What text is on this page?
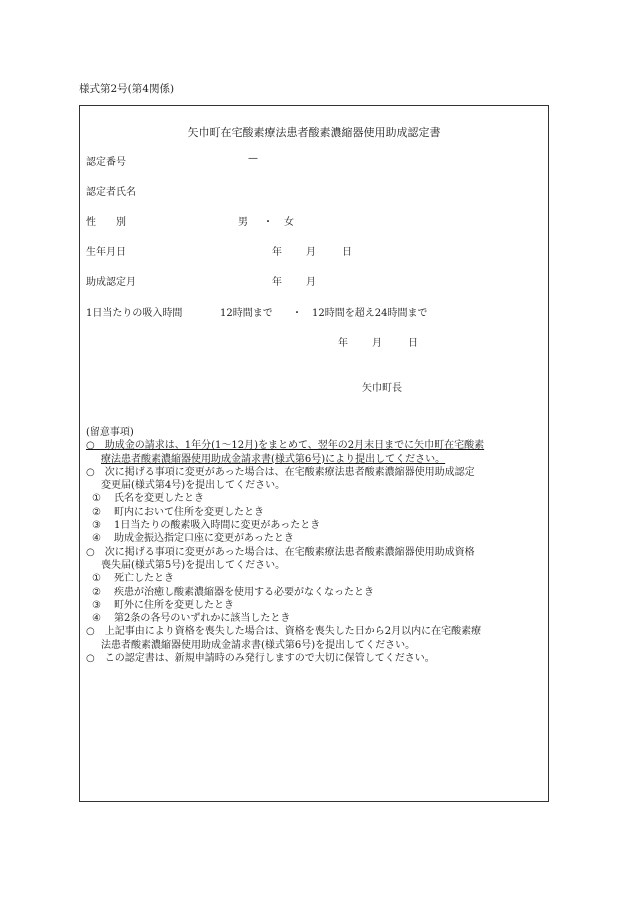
様式第2号(第4関係)
矢巾町在宅酸素療法患者酸素濃縮器使用助成認定書
認定番号	—
認定者氏名
性　　別	男 ・ 女
生年月日	年 月	日
助成認定月	年 月
1日当たりの吸入時間	12時間まで ・ 12時間を超え24時間まで
年 月	日
矢巾町長
(留意事項)
○　助成金の請求は、1年分(1〜12月)をまとめて、翌年の2月末日までに矢巾町在宅酸素
療法患者酸素濃縮器使用助成金請求書(様式第6号)により提出してください。
○　次に掲げる事項に変更があった場合は、在宅酸素療法患者酸素濃縮器使用助成認定
変更届(様式第4号)を提出してください。
① 氏名を変更したとき
② 町内において住所を変更したとき
③ 1日当たりの酸素吸入時間に変更があったとき
④ 助成金振込指定口座に変更があったとき
○　次に掲げる事項に変更があった場合は、在宅酸素療法患者酸素濃縮器使用助成資格
喪失届(様式第5号)を提出してください。
① 死亡したとき
② 疾患が治癒し酸素濃縮器を使用する必要がなくなったとき
③ 町外に住所を変更したとき
④ 第2条の各号のいずれかに該当したとき
○　上記事由により資格を喪失した場合は、資格を喪失した日から2月以内に在宅酸素療
法患者酸素濃縮器使用助成金請求書(様式第6号)を提出してください。
○　この認定書は、新規申請時のみ発行しますので大切に保管してください。
